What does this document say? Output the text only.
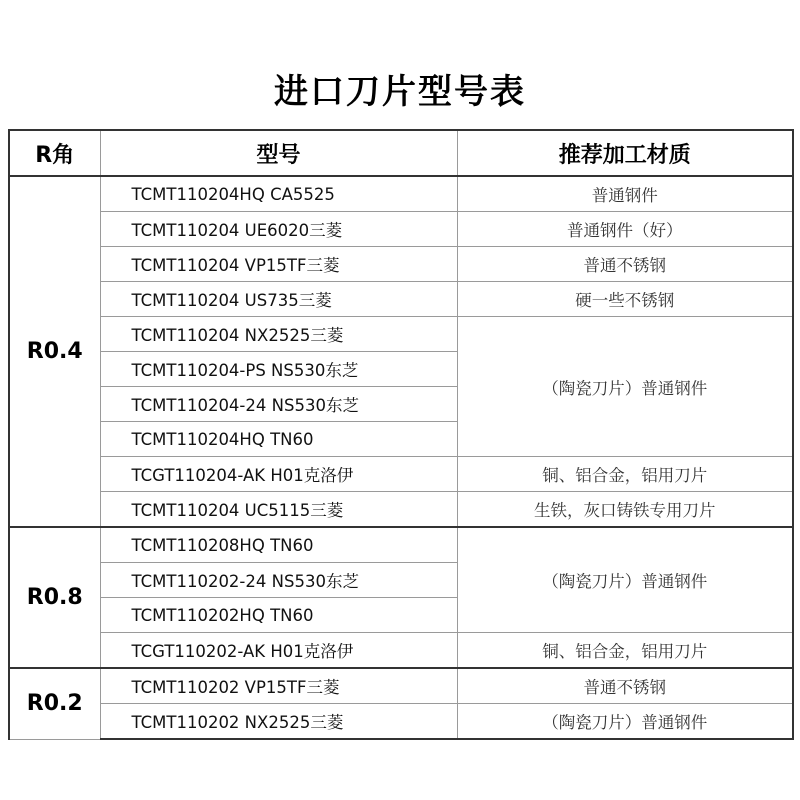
进口刀片型号表
R角	型号	推荐加工材质
R0.4	TCMT110204HQ CA5525	普通钢件
	TCMT110204 UE6020三菱	普通钢件（好）
	TCMT110204 VP15TF三菱	普通不锈钢
	TCMT110204 US735三菱	硬一些不锈钢
	TCMT110204 NX2525三菱	（陶瓷刀片）普通钢件
	TCMT110204-PS NS530东芝	
	TCMT110204-24 NS530东芝	
	TCMT110204HQ TN60	
	TCGT110204-AK H01克洛伊	铜、铝合金，铝用刀片
	TCMT110204 UC5115三菱	生铁，灰口铸铁专用刀片
R0.8	TCMT110208HQ TN60	（陶瓷刀片）普通钢件
	TCMT110202-24 NS530东芝	
	TCMT110202HQ TN60	
	TCGT110202-AK H01克洛伊	铜、铝合金，铝用刀片
R0.2	TCMT110202 VP15TF三菱	普通不锈钢
	TCMT110202 NX2525三菱	（陶瓷刀片）普通钢件
